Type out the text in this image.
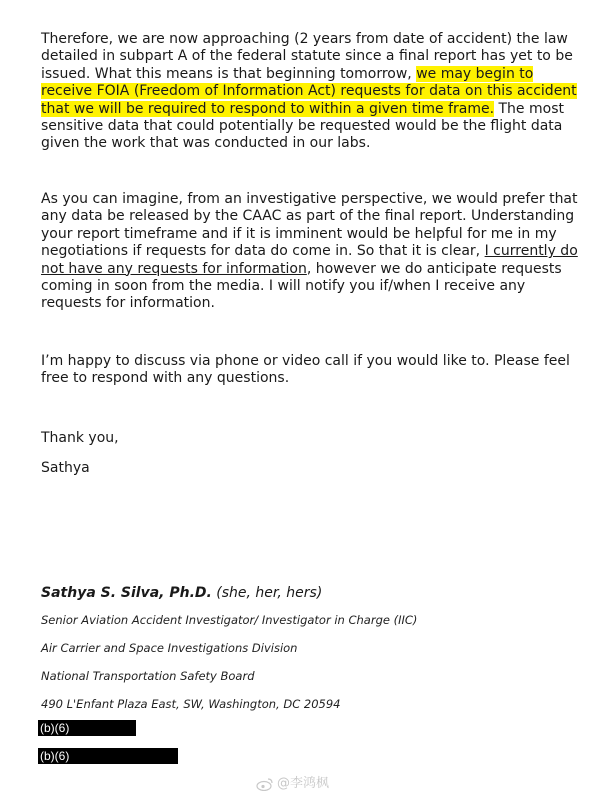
Therefore, we are now approaching (2 years from date of accident) the law detailed in subpart A of the federal statute since a final report has yet to be issued. What this means is that beginning tomorrow, we may begin to receive FOIA (Freedom of Information Act) requests for data on this accident that we will be required to respond to within a given time frame. The most sensitive data that could potentially be requested would be the flight data given the work that was conducted in our labs.
As you can imagine, from an investigative perspective, we would prefer that any data be released by the CAAC as part of the final report. Understanding your report timeframe and if it is imminent would be helpful for me in my negotiations if requests for data do come in. So that it is clear, I currently do not have any requests for information, however we do anticipate requests coming in soon from the media. I will notify you if/when I receive any requests for information.
I’m happy to discuss via phone or video call if you would like to. Please feel free to respond with any questions.
Thank you,
Sathya
Sathya S. Silva, Ph.D. (she, her, hers)
Senior Aviation Accident Investigator/ Investigator in Charge (IIC)
Air Carrier and Space Investigations Division
National Transportation Safety Board
490 L'Enfant Plaza East, SW, Washington, DC 20594
(b)(6)
(b)(6)
@李鸿枫
